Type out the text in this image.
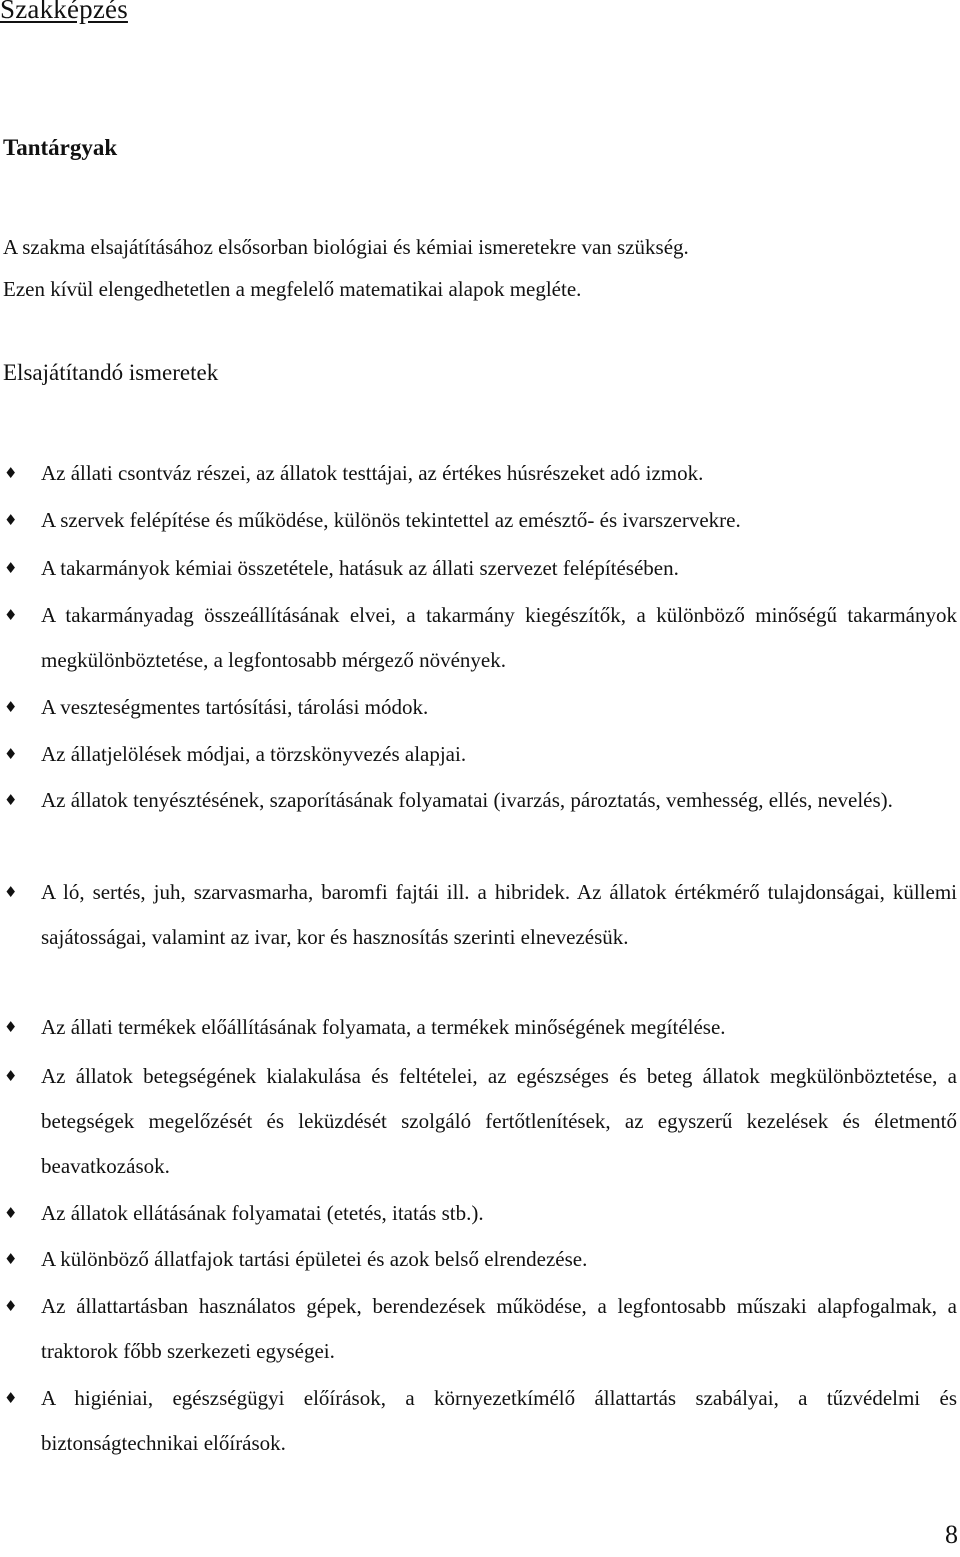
Szakképzés
Tantárgyak

A szakma elsajátításához elsősorban biológiai és kémiai ismeretekre van szükség.

Ezen kívül elengedhetetlen a megfelelő matematikai alapok megléte.

Elsajátítandó ismeretek
♦ Az állati csontváz részei, az állatok testtájai, az értékes húsrészeket adó izmok.
♦ A szervek felépítése és működése, különös tekintettel az emésztő- és ivarszervekre.
♦ A takarmányok kémiai összetétele, hatásuk az állati szervezet felépítésében.
♦ A takarmányadag összeállításának elvei, a takarmány kiegészítők, a különböző minőségű takarmányok megkülönböztetése, a legfontosabb mérgező növények.
♦ A veszteségmentes tartósítási, tárolási módok.
♦ Az állatjelölések módjai, a törzskönyvezés alapjai.
♦ Az állatok tenyésztésének, szaporításának folyamatai (ivarzás, pároztatás, vemhesség, ellés, nevelés).
♦ A ló, sertés, juh, szarvasmarha, baromfi fajtái ill. a hibridek. Az állatok értékmérő tulajdonságai, küllemi sajátosságai, valamint az ivar, kor és hasznosítás szerinti elnevezésük.
♦ Az állati termékek előállításának folyamata, a termékek minőségének megítélése.
♦ Az állatok betegségének kialakulása és feltételei, az egészséges és beteg állatok megkülönböztetése, a betegségek megelőzését és leküzdését szolgáló fertőtlenítések, az egyszerű kezelések és életmentő beavatkozások.
♦ Az állatok ellátásának folyamatai (etetés, itatás stb.).
♦ A különböző állatfajok tartási épületei és azok belső elrendezése.
♦ Az állattartásban használatos gépek, berendezések működése, a legfontosabb műszaki alapfogalmak, a traktorok főbb szerkezeti egységei.
♦ A higiéniai, egészségügyi előírások, a környezetkímélő állattartás szabályai, a tűzvédelmi és biztonságtechnikai előírások.
8
